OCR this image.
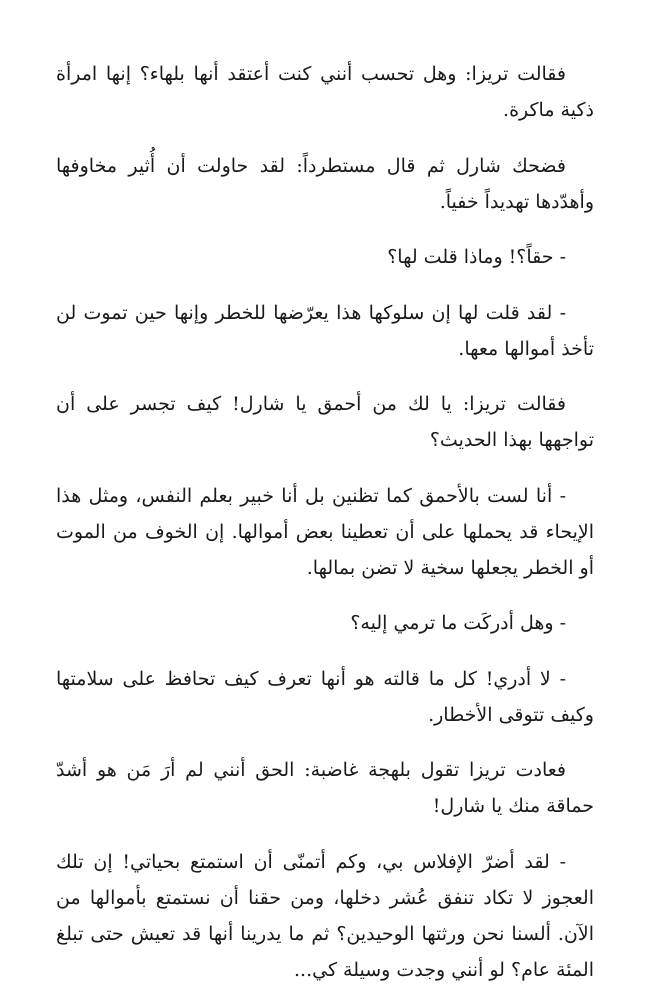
فقالت تريزا: وهل تحسب أنني كنت أعتقد أنها بلهاء؟ إنها امرأة ذكية ماكرة.

فضحك شارل ثم قال مستطرداً: لقد حاولت أن أُثير مخاوفها وأهدّدها تهديداً خفياً.

- حقاً؟! وماذا قلت لها؟

- لقد قلت لها إن سلوكها هذا يعرّضها للخطر وإنها حين تموت لن تأخذ أموالها معها.

فقالت تريزا: يا لك من أحمق يا شارل! كيف تجسر على أن تواجهها بهذا الحديث؟

- أنا لست بالأحمق كما تظنين بل أنا خبير بعلم النفس، ومثل هذا الإيحاء قد يحملها على أن تعطينا بعض أموالها. إن الخوف من الموت أو الخطر يجعلها سخية لا تضن بمالها.

- وهل أدركَت ما ترمي إليه؟

- لا أدري! كل ما قالته هو أنها تعرف كيف تحافظ على سلامتها وكيف تتوقى الأخطار.

فعادت تريزا تقول بلهجة غاضبة: الحق أنني لم أرَ مَن هو أشدّ حماقة منك يا شارل!

- لقد أضرّ الإفلاس بي، وكم أتمنّى أن استمتع بحياتي! إن تلك العجوز لا تكاد تنفق عُشر دخلها، ومن حقنا أن نستمتع بأموالها من الآن. ألسنا نحن ورثتها الوحيدين؟ ثم ما يدرينا أنها قد تعيش حتى تبلغ المئة عام؟ لو أنني وجدت وسيلة كي...
